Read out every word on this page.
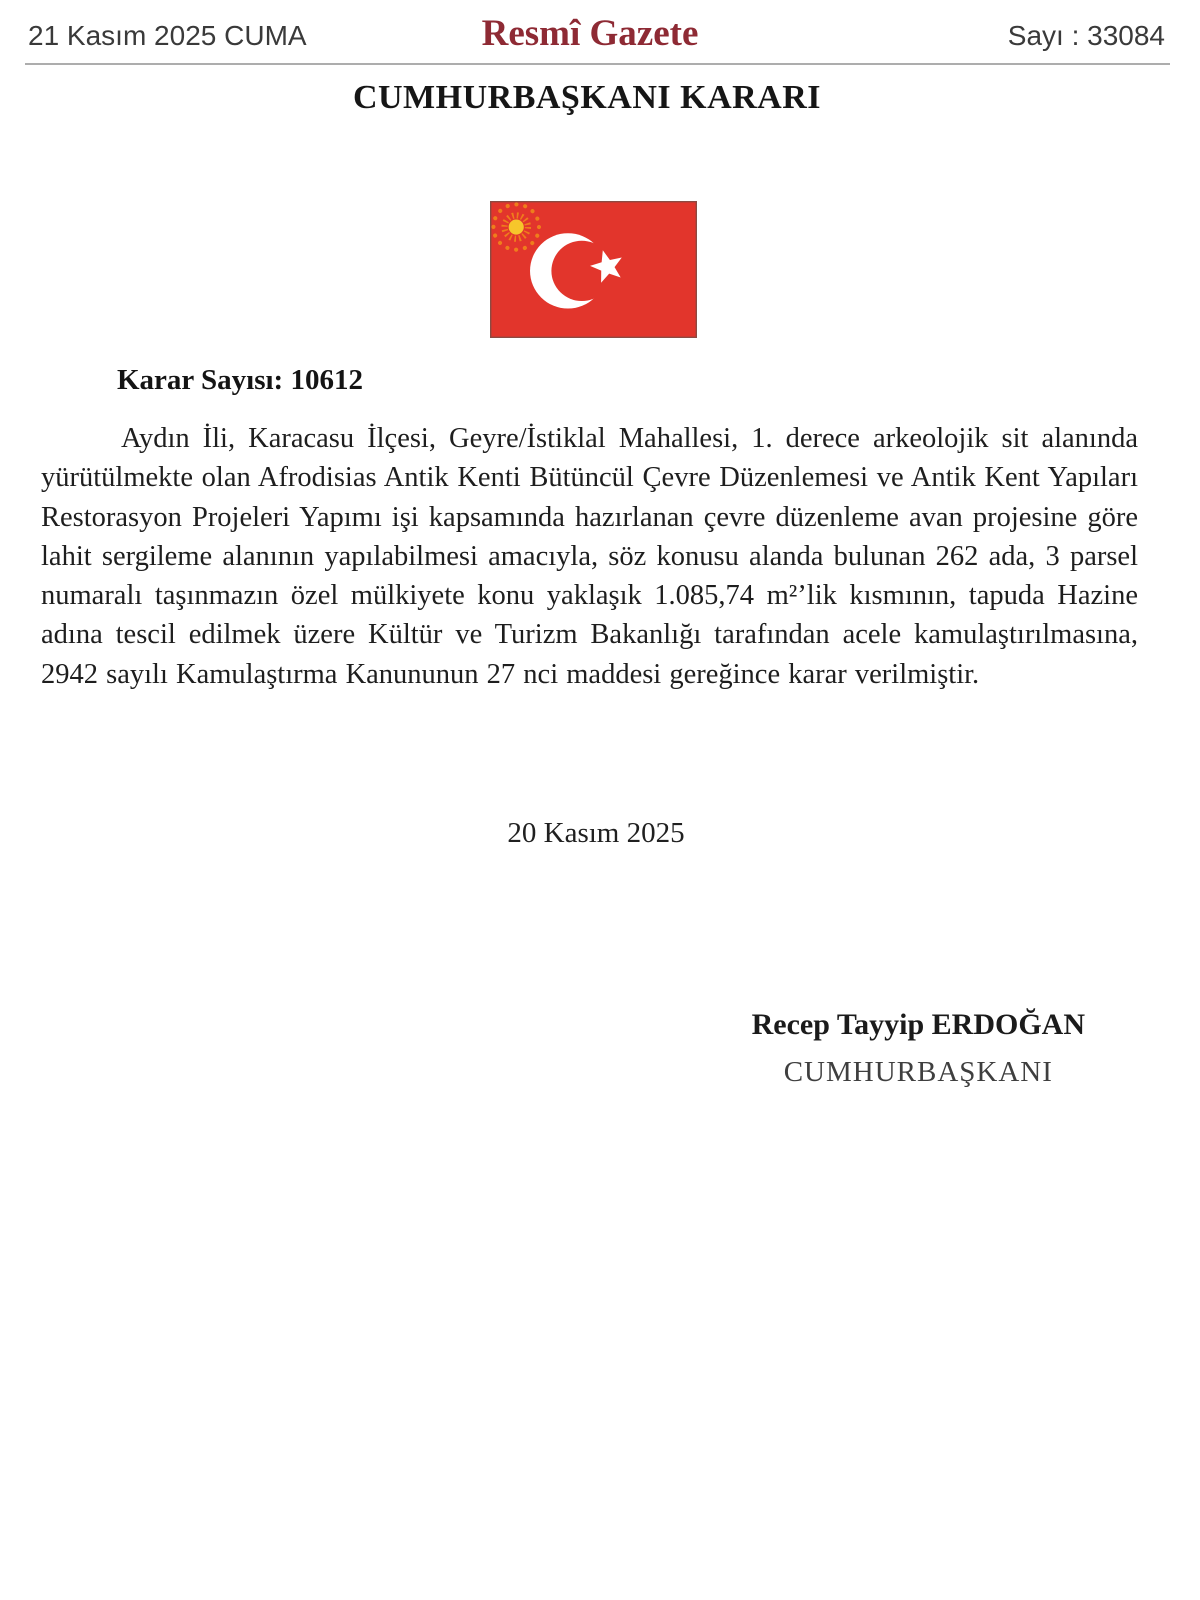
21 Kasım 2025 CUMA	Resmî Gazete	Sayı : 33084
CUMHURBAŞKANI KARARI
Karar Sayısı: 10612

Aydın İli, Karacasu İlçesi, Geyre/İstiklal Mahallesi, 1. derece arkeolojik sit alanında yürütülmekte olan Afrodisias Antik Kenti Bütüncül Çevre Düzenlemesi ve Antik Kent Yapıları Restorasyon Projeleri Yapımı işi kapsamında hazırlanan çevre düzenleme avan projesine göre lahit sergileme alanının yapılabilmesi amacıyla, söz konusu alanda bulunan 262 ada, 3 parsel numaralı taşınmazın özel mülkiyete konu yaklaşık 1.085,74 m²’lik kısmının, tapuda Hazine adına tescil edilmek üzere Kültür ve Turizm Bakanlığı tarafından acele kamulaştırılmasına, 2942 sayılı Kamulaştırma Kanununun 27 nci maddesi gereğince karar verilmiştir.

20 Kasım 2025
Recep Tayyip ERDOĞAN
CUMHURBAŞKANI
